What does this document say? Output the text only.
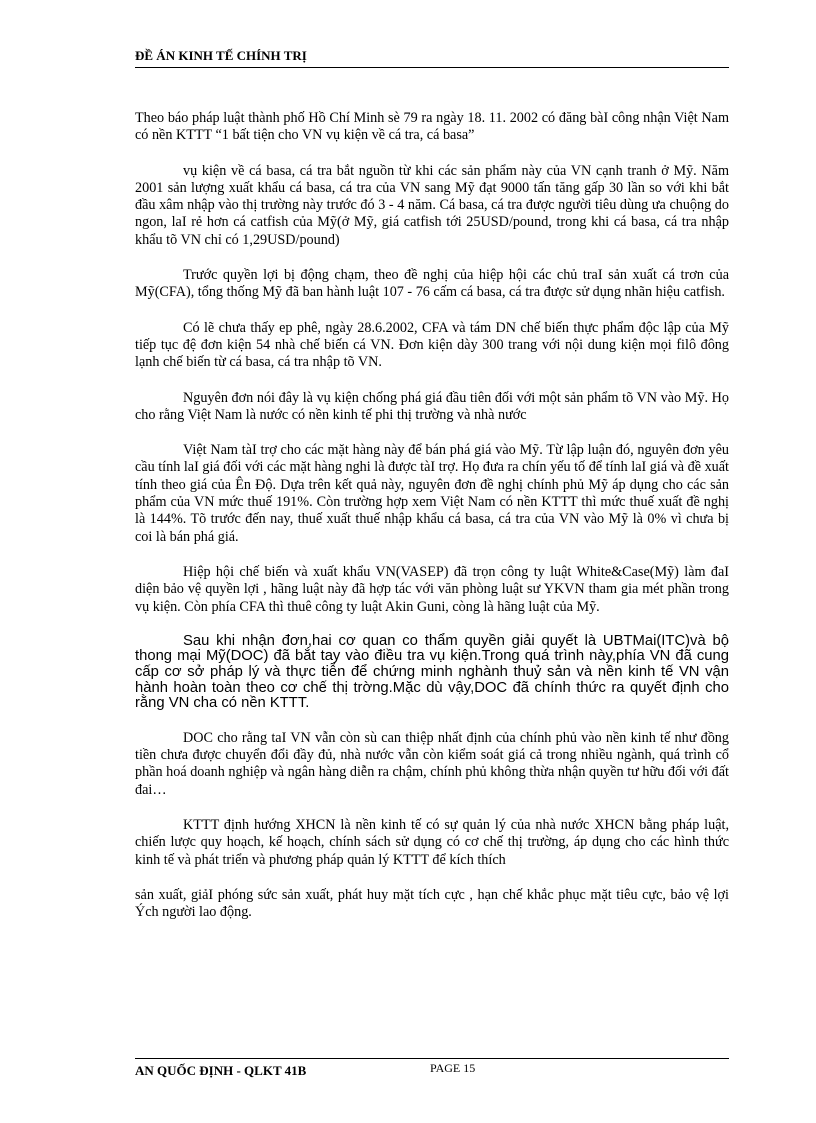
ĐỀ ÁN KINH TẾ CHÍNH TRỊ

Theo báo pháp luật thành phố Hồ Chí Minh sè 79 ra ngày 18. 11. 2002 có đăng bàI công nhận Việt Nam có nền KTTT “1 bất tiện cho VN vụ kiện về cá tra, cá basa”

vụ kiện về cá basa, cá tra bắt nguồn từ khi các sản phẩm này của VN cạnh tranh ở Mỹ. Năm 2001 sản lượng xuất khẩu cá basa, cá tra của VN sang Mỹ đạt 9000 tấn tăng gấp 30 lần so với khi bắt đầu xâm nhập vào thị trường này trước đó 3 - 4 năm. Cá basa, cá tra được người tiêu dùng ưa chuộng do ngon, laI rẻ hơn cá catfish của Mỹ(ở Mỹ, giá catfish tới 25USD/pound, trong khi cá basa, cá tra nhập khẩu tõ VN chỉ có 1,29USD/pound)

Trước quyền lợi bị động chạm, theo đề nghị của hiệp hội các chủ traI sản xuất cá trơn của Mỹ(CFA), tổng thống Mỹ đã ban hành luật 107 - 76 cấm cá basa, cá tra được sử dụng nhãn hiệu catfish.

Có lẽ chưa thấy ep phê, ngày 28.6.2002, CFA và tám DN chế biến thực phẩm độc lập của Mỹ tiếp tục đệ đơn kiện 54 nhà chế biến cá VN. Đơn kiện dày 300 trang với nội dung kiện mọi filô đông lạnh chế biến từ cá basa, cá tra nhập tõ VN.

Nguyên đơn nói đây là vụ kiện chống phá giá đầu tiên đối với một sản phẩm tõ VN vào Mỹ. Họ cho rằng Việt Nam là nước có nền kinh tế phi thị trường và nhà nước

Việt Nam tàI trợ cho các mặt hàng này để bán phá giá vào Mỹ. Từ lập luận đó, nguyên đơn yêu cầu tính laI giá đối với các mặt hàng nghi là được tàI trợ. Họ đưa ra chín yếu tố để tính laI giá và đề xuất tính theo giá của Ên Độ. Dựa trên kết quả này, nguyên đơn đề nghị chính phủ Mỹ áp dụng cho các sản phẩm của VN mức thuế 191%. Còn trường hợp xem Việt Nam có nền KTTT thì mức thuế xuất đề nghị là 144%. Tõ trước đến nay, thuế xuất thuế nhập khẩu cá basa, cá tra của VN vào Mỹ là 0% vì chưa bị coi là bán phá giá.

Hiệp hội chế biến và xuất khẩu VN(VASEP) đã trọn công ty luật White&Case(Mỹ) làm đaI diện bảo vệ quyền lợi , hãng luật này đã hợp tác với văn phòng luật sư YKVN tham gia mét phần trong vụ kiện. Còn phía CFA thì thuê công ty luật Akin Guni, còng là hãng luật của Mỹ.

Sau khi nhận đơn,hai cơ quan co thẩm quyền giải quyết là UBTMai(ITC)và bộ thong mại Mỹ(DOC) đã bắt tay vào điều tra vụ kiện.Trong quá trình này,phía VN đã cung cấp cơ sở pháp lý và thực tiễn để chứng minh nghành thuỷ sản và nền kinh tế VN vận hành hoàn toàn theo cơ chế thị trờng.Mặc dù vậy,DOC đã chính thức ra quyết định cho rằng VN cha có nền KTTT.

DOC cho rằng taI VN vẫn còn sù can thiệp nhất định của chính phủ vào nền kinh tế như đồng tiền chưa được chuyển đổi đầy đủ, nhà nước vẫn còn kiểm soát giá cả trong nhiều ngành, quá trình cổ phần hoá doanh nghiệp và ngân hàng diễn ra chậm, chính phủ không thừa nhận quyền tư hữu đối với đất đai…

KTTT định hướng XHCN là nền kinh tế có sự quản lý của nhà nước XHCN bằng pháp luật, chiến lược quy hoạch, kế hoạch, chính sách sử dụng có cơ chế thị trường, áp dụng cho các hình thức kinh tế và phát triển và phương pháp quản lý KTTT để kích thích

sản xuất, giảI phóng sức sản xuất, phát huy mặt tích cực , hạn chế khắc phục mặt tiêu cực, bảo vệ lợi Ých người lao động.

AN QUỐC ĐỊNH - QLKT 41B	PAGE 15
